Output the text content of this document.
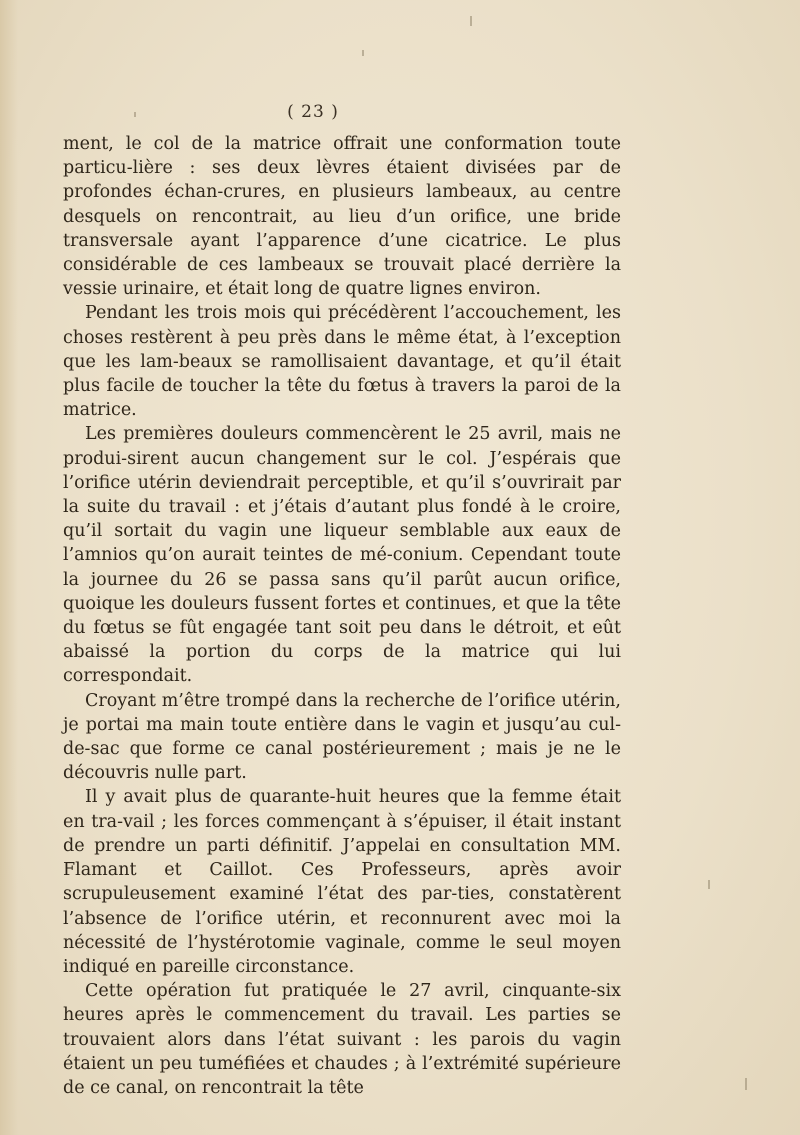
( 23 )

ment, le col de la matrice offrait une conformation toute particu-lière : ses deux lèvres étaient divisées par de profondes échan-crures, en plusieurs lambeaux, au centre desquels on rencontrait, au lieu d’un orifice, une bride transversale ayant l’apparence d’une cicatrice. Le plus considérable de ces lambeaux se trouvait placé derrière la vessie urinaire, et était long de quatre lignes environ.

Pendant les trois mois qui précédèrent l’accouchement, les choses restèrent à peu près dans le même état, à l’exception que les lam-beaux se ramollisaient davantage, et qu’il était plus facile de toucher la tête du fœtus à travers la paroi de la matrice.

Les premières douleurs commencèrent le 25 avril, mais ne produi-sirent aucun changement sur le col. J’espérais que l’orifice utérin deviendrait perceptible, et qu’il s’ouvrirait par la suite du travail : et j’étais d’autant plus fondé à le croire, qu’il sortait du vagin une liqueur semblable aux eaux de l’amnios qu’on aurait teintes de mé-conium. Cependant toute la journee du 26 se passa sans qu’il parût aucun orifice, quoique les douleurs fussent fortes et continues, et que la tête du fœtus se fût engagée tant soit peu dans le détroit, et eût abaissé la portion du corps de la matrice qui lui correspondait.

Croyant m’être trompé dans la recherche de l’orifice utérin, je portai ma main toute entière dans le vagin et jusqu’au cul-de-sac que forme ce canal postérieurement ; mais je ne le découvris nulle part.

Il y avait plus de quarante-huit heures que la femme était en tra-vail ; les forces commençant à s’épuiser, il était instant de prendre un parti définitif. J’appelai en consultation MM. Flamant et Caillot. Ces Professeurs, après avoir scrupuleusement examiné l’état des par-ties, constatèrent l’absence de l’orifice utérin, et reconnurent avec moi la nécessité de l’hystérotomie vaginale, comme le seul moyen indiqué en pareille circonstance.

Cette opération fut pratiquée le 27 avril, cinquante-six heures après le commencement du travail. Les parties se trouvaient alors dans l’état suivant : les parois du vagin étaient un peu tuméfiées et chaudes ; à l’extrémité supérieure de ce canal, on rencontrait la tête
